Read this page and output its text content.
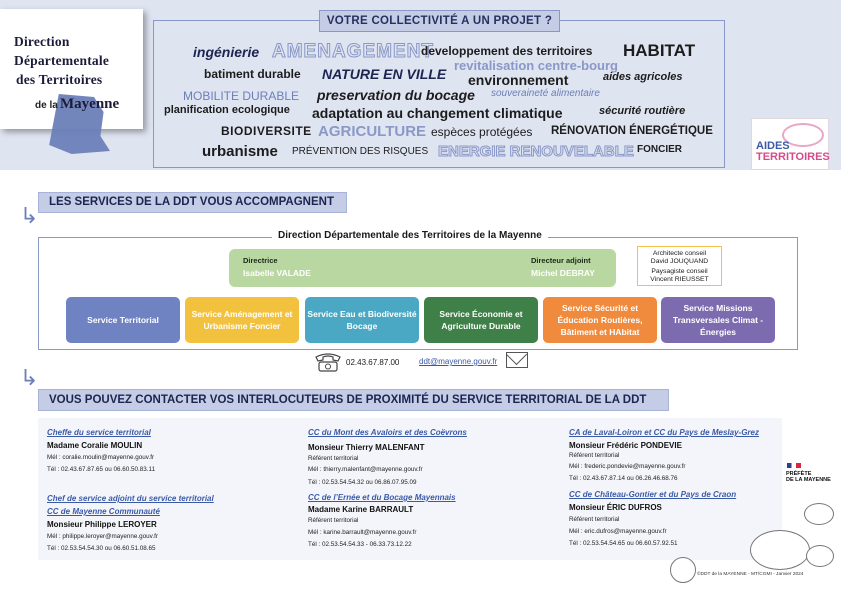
Direction
Départementale
des Territoires
de la Mayenne
VOTRE COLLECTIVITÉ A UN PROJET ?
ingénierie AMENAGEMENT
developpement des territoires HABITAT
revitalisation centre-bourg
batiment durable NATURE EN VILLE environnement	aides agricoles
MOBILITE DURABLE preservation du bocage souveraineté alimentaire
planification ecologique adaptation au changement climatique	sécurité routière
BIODIVERSITE AGRICULTURE espèces protégées RÉNOVATION ÉNERGÉTIQUE
urbanisme PRÉVENTION DES RISQUES ENERGIE RENOUVELABLE FONCIER	AIDES
TERRITOIRES
↳
LES SERVICES DE LA DDT VOUS ACCOMPAGNENT
Direction Départementale des Territoires de la Mayenne
Directrice
Isabelle VALADE
Directeur adjoint
Michel DEBRAY
Architecte conseil
David JOUQUAND
Paysagiste conseil
Vincent RIEUSSET
Service Territorial
Service Aménagement et Urbanisme Foncier
Service Eau et Biodiversité Bocage
Service Économie et Agriculture Durable
Service Sécurité et Éducation Routières, Bâtiment et HAbitat
Service Missions Transversales Climat - Énergies
02.43.67.87.00 ddt@mayenne.gouv.fr
↳
VOUS POUVEZ CONTACTER VOS INTERLOCUTEURS DE PROXIMITÉ DU SERVICE TERRITORIAL DE LA DDT
Cheffe du service territorial
Madame Coralie MOULIN
Mél : coralie.moulin@mayenne.gouv.fr
Tél : 02.43.67.87.65 ou 06.60.50.83.11
Chef de service adjoint du service territorial
CC de Mayenne Communauté
Monsieur Philippe LEROYER
Mél : philippe.leroyer@mayenne.gouv.fr
Tél : 02.53.54.54.30 ou 06.60.51.08.65
CC du Mont des Avaloirs et des Coëvrons
Monsieur Thierry MALENFANT
Référent territorial
Mél : thierry.malenfant@mayenne.gouv.fr
Tél : 02.53.54.54.32 ou 06.86.07.95.09
CC de l’Ernée et du Bocage Mayennais
Madame Karine BARRAULT
Référent territorial
Mél : karine.barrault@mayenne.gouv.fr
Tél : 02.53.54.54.33 - 06.33.73.12.22
CA de Laval-Loiron et CC du Pays de Meslay-Grez
Monsieur Frédéric PONDEVIE
Référent territorial
Mél : frederic.pondevie@mayenne.gouv.fr
Tél : 02.43.67.87.14 ou 06.26.46.68.76
CC de Château-Gontier et du Pays de Craon
Monsieur ÉRIC DUFROS
Référent territorial
Mél : eric.dufros@mayenne.gouv.fr
Tél : 02.53.54.54.65 ou 06.60.57.92.51
PRÉFÈTE
DE LA MAYENNE
©DDT de la MAYENNE - MT/CGMI - Janvier 2024
